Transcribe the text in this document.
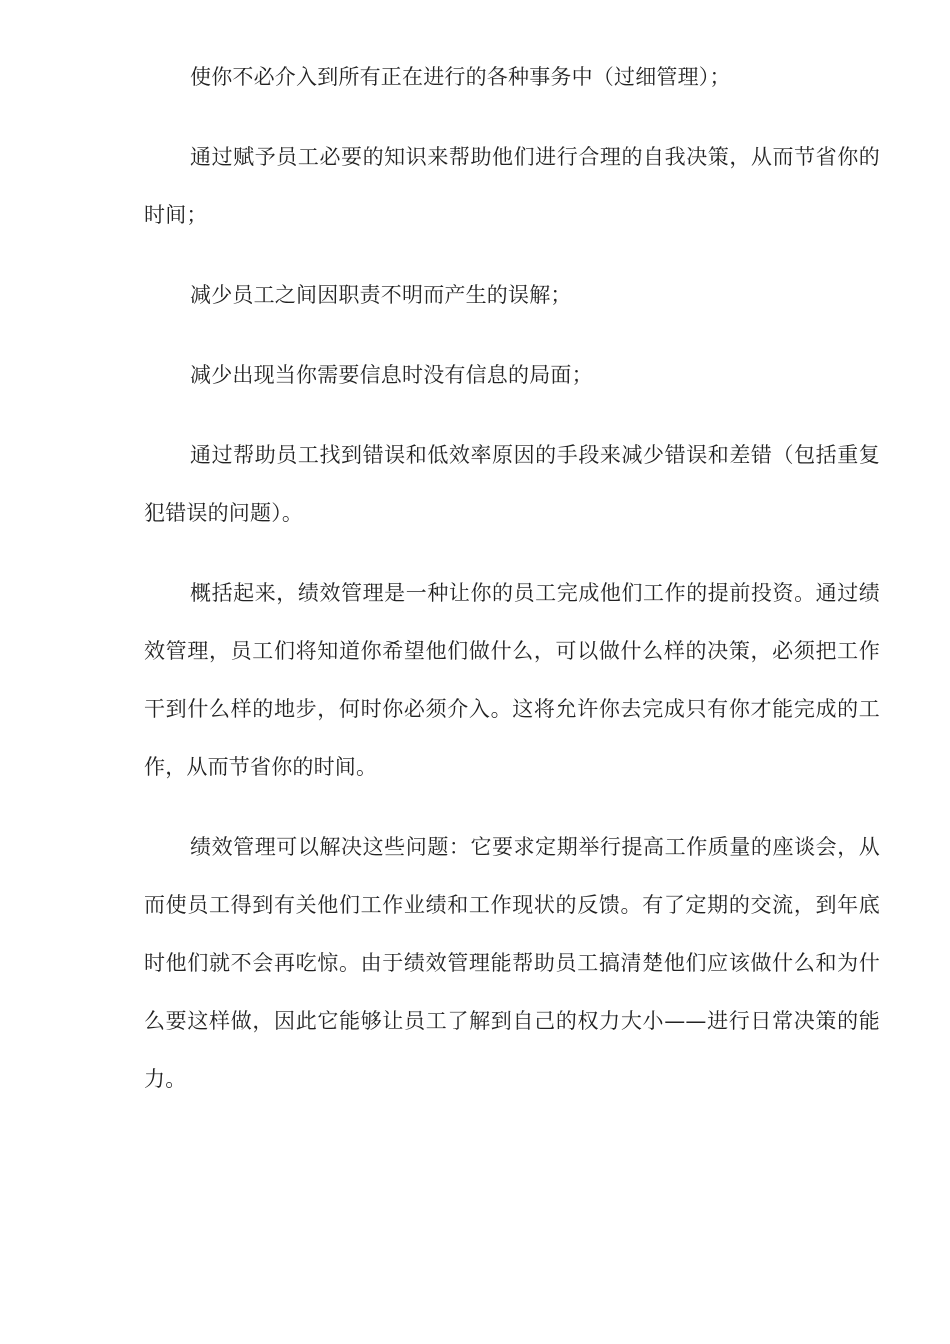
使你不必介入到所有正在进行的各种事务中（过细管理）；

通过赋予员工必要的知识来帮助他们进行合理的自我决策，从而节省你的时间；

减少员工之间因职责不明而产生的误解；

减少出现当你需要信息时没有信息的局面；

通过帮助员工找到错误和低效率原因的手段来减少错误和差错（包括重复犯错误的问题）。

概括起来，绩效管理是一种让你的员工完成他们工作的提前投资。通过绩效管理，员工们将知道你希望他们做什么，可以做什么样的决策，必须把工作干到什么样的地步，何时你必须介入。这将允许你去完成只有你才能完成的工作，从而节省你的时间。

绩效管理可以解决这些问题：它要求定期举行提高工作质量的座谈会，从而使员工得到有关他们工作业绩和工作现状的反馈。有了定期的交流，到年底时他们就不会再吃惊。由于绩效管理能帮助员工搞清楚他们应该做什么和为什么要这样做，因此它能够让员工了解到自己的权力大小——进行日常决策的能力。
